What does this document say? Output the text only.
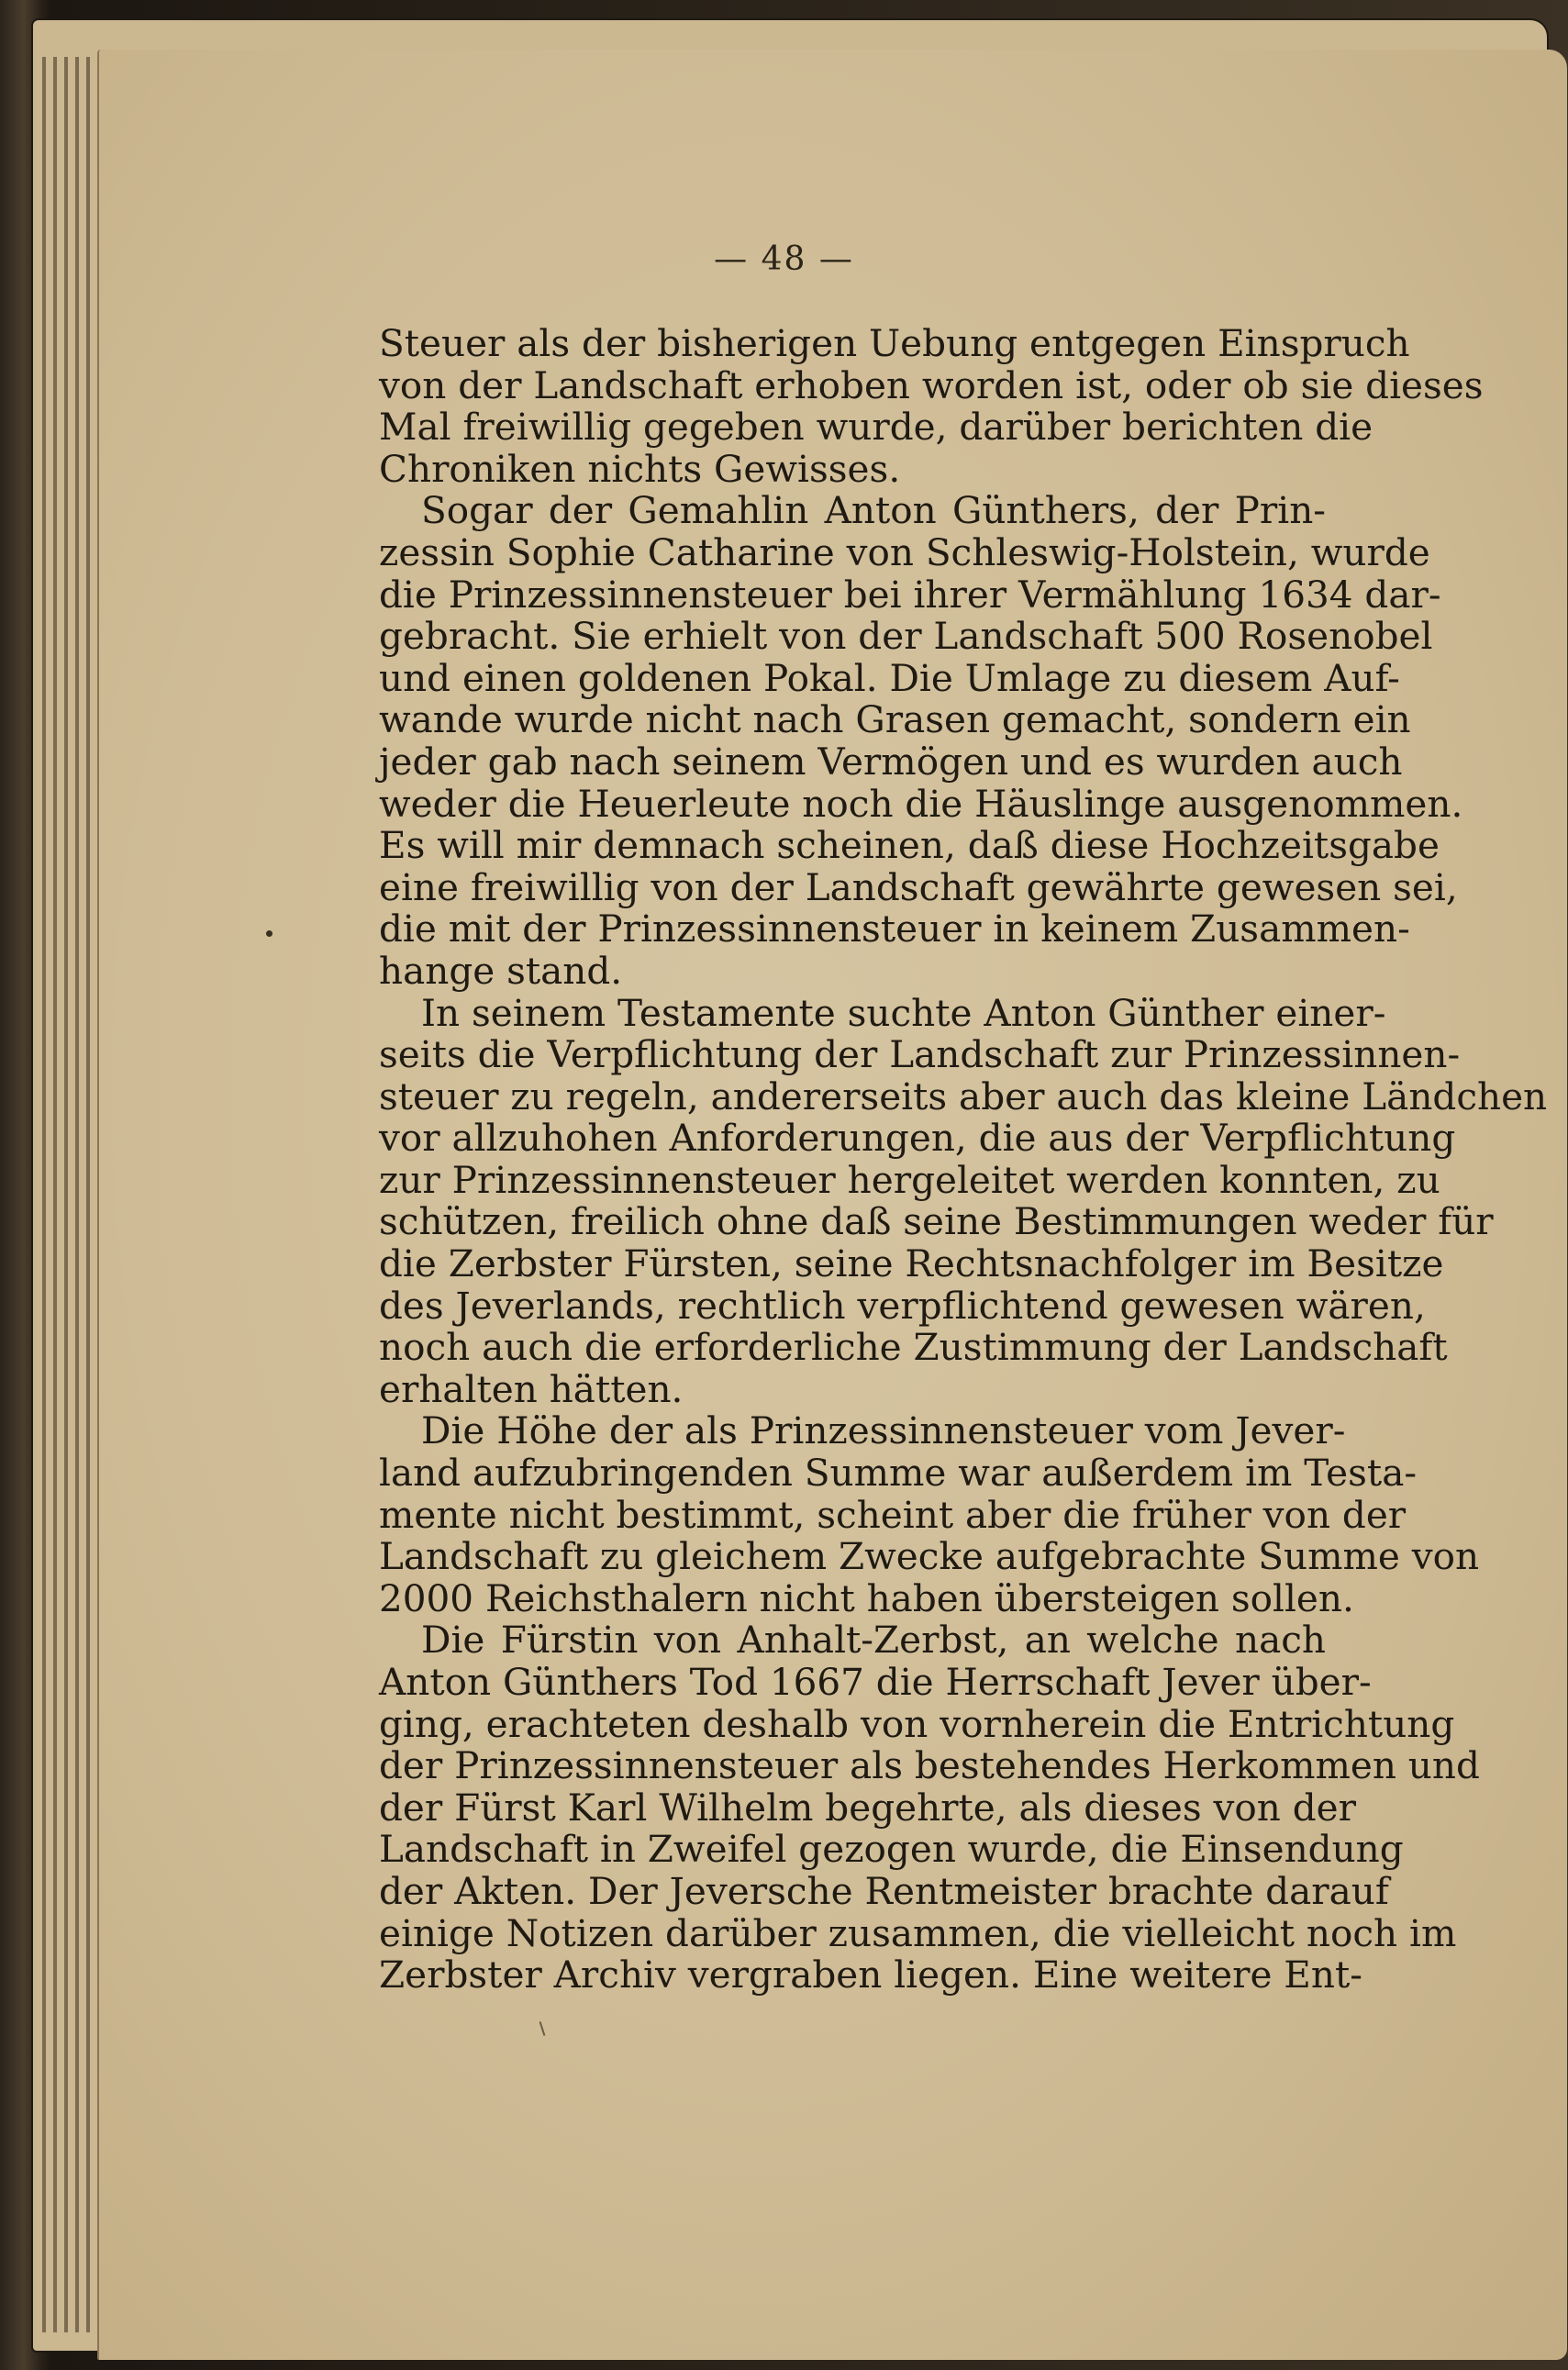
— 48 —

Steuer als der bisherigen Uebung entgegen Einspruch
von der Landschaft erhoben worden ist, oder ob sie dieses
Mal freiwillig gegeben wurde, darüber berichten die
Chroniken nichts Gewisses.

Sogar der Gemahlin Anton Günthers, der Prin-
zessin Sophie Catharine von Schleswig-Holstein, wurde
die Prinzessinnensteuer bei ihrer Vermählung 1634 dar-
gebracht. Sie erhielt von der Landschaft 500 Rosenobel
und einen goldenen Pokal. Die Umlage zu diesem Auf-
wande wurde nicht nach Grasen gemacht, sondern ein
jeder gab nach seinem Vermögen und es wurden auch
weder die Heuerleute noch die Häuslinge ausgenommen.
Es will mir demnach scheinen, daß diese Hochzeitsgabe
eine freiwillig von der Landschaft gewährte gewesen sei,
die mit der Prinzessinnensteuer in keinem Zusammen-
hange stand.

In seinem Testamente suchte Anton Günther einer-
seits die Verpflichtung der Landschaft zur Prinzessinnen-
steuer zu regeln, andererseits aber auch das kleine Ländchen
vor allzuhohen Anforderungen, die aus der Verpflichtung
zur Prinzessinnensteuer hergeleitet werden konnten, zu
schützen, freilich ohne daß seine Bestimmungen weder für
die Zerbster Fürsten, seine Rechtsnachfolger im Besitze
des Jeverlands, rechtlich verpflichtend gewesen wären,
noch auch die erforderliche Zustimmung der Landschaft
erhalten hätten.

Die Höhe der als Prinzessinnensteuer vom Jever-
land aufzubringenden Summe war außerdem im Testa-
mente nicht bestimmt, scheint aber die früher von der
Landschaft zu gleichem Zwecke aufgebrachte Summe von
2000 Reichsthalern nicht haben übersteigen sollen.

Die Fürstin von Anhalt-Zerbst, an welche nach
Anton Günthers Tod 1667 die Herrschaft Jever über-
ging, erachteten deshalb von vornherein die Entrichtung
der Prinzessinnensteuer als bestehendes Herkommen und
der Fürst Karl Wilhelm begehrte, als dieses von der
Landschaft in Zweifel gezogen wurde, die Einsendung
der Akten. Der Jeversche Rentmeister brachte darauf
einige Notizen darüber zusammen, die vielleicht noch im
Zerbster Archiv vergraben liegen. Eine weitere Ent-
